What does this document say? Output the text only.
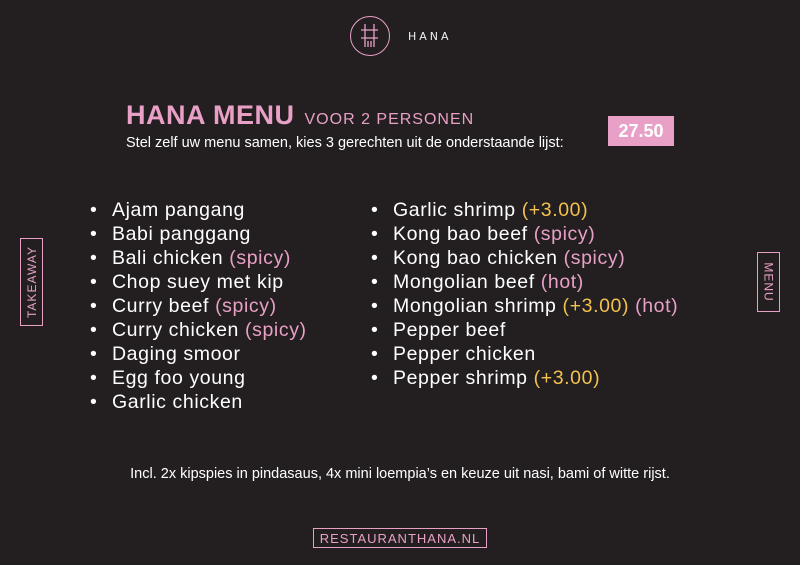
HANA
HANA MENU VOOR 2 PERSONEN
Stel zelf uw menu samen, kies 3 gerechten uit de onderstaande lijst:
27.50
• Ajam pangang
• Babi panggang
• Bali chicken (spicy)
• Chop suey met kip
• Curry beef (spicy)
• Curry chicken (spicy)
• Daging smoor
• Egg foo young
• Garlic chicken
• Garlic shrimp (+3.00)
• Kong bao beef (spicy)
• Kong bao chicken (spicy)
• Mongolian beef (hot)
• Mongolian shrimp (+3.00) (hot)
• Pepper beef
• Pepper chicken
• Pepper shrimp (+3.00)
TAKEAWAY	MENU
Incl. 2x kipspies in pindasaus, 4x mini loempia’s en keuze uit nasi, bami of witte rijst.
RESTAURANTHANA.NL
